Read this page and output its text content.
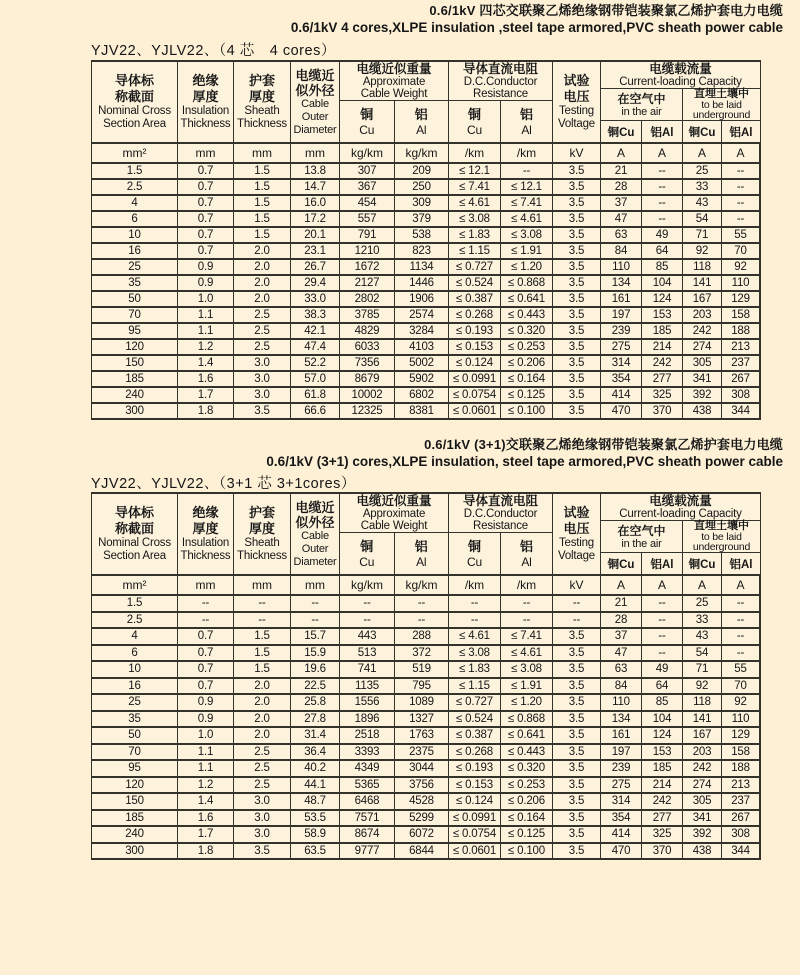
0.6/1kV 四芯交联聚乙烯绝缘钢带铠装聚氯乙烯护套电力电缆
0.6/1kV 4 cores,XLPE insulation ,steel tape armored,PVC sheath power cable
YJV22、YJLV22、（4 芯　4 cores）
导体标
称截面
Nominal Cross
Section Area
绝缘
厚度
Insulation
Thickness
护套
厚度
Sheath
Thickness
电缆近
似外径
Cable
Outer
Diameter
电缆近似重量
Approximate
Cable Weight
铜
Cu
铝
Al
导体直流电阻
D.C.Conductor
Resistance
铜
Cu
铝
Al
试验
电压
Testing
Voltage
电缆载流量
Current-loading Capacity
在空气中
in the air
直埋土壤中
to be laid
underground
铜Cu	铝Al	铜Cu	铝Al
mm²	mm	mm	mm	kg/km	kg/km	/km	/km	kV	A	A	A	A
1.5	0.7	1.5	13.8	307	209	≤ 12.1	--	3.5	21	--	25	--
2.5	0.7	1.5	14.7	367	250	≤ 7.41	≤ 12.1	3.5	28	--	33	--
4	0.7	1.5	16.0	454	309	≤ 4.61	≤ 7.41	3.5	37	--	43	--
6	0.7	1.5	17.2	557	379	≤ 3.08	≤ 4.61	3.5	47	--	54	--
10	0.7	1.5	20.1	791	538	≤ 1.83	≤ 3.08	3.5	63	49	71	55
16	0.7	2.0	23.1	1210	823	≤ 1.15	≤ 1.91	3.5	84	64	92	70
25	0.9	2.0	26.7	1672	1134	≤ 0.727	≤ 1.20	3.5	110	85	118	92
35	0.9	2.0	29.4	2127	1446	≤ 0.524	≤ 0.868	3.5	134	104	141	110
50	1.0	2.0	33.0	2802	1906	≤ 0.387	≤ 0.641	3.5	161	124	167	129
70	1.1	2.5	38.3	3785	2574	≤ 0.268	≤ 0.443	3.5	197	153	203	158
95	1.1	2.5	42.1	4829	3284	≤ 0.193	≤ 0.320	3.5	239	185	242	188
120	1.2	2.5	47.4	6033	4103	≤ 0.153	≤ 0.253	3.5	275	214	274	213
150	1.4	3.0	52.2	7356	5002	≤ 0.124	≤ 0.206	3.5	314	242	305	237
185	1.6	3.0	57.0	8679	5902	≤ 0.0991	≤ 0.164	3.5	354	277	341	267
240	1.7	3.0	61.8	10002	6802	≤ 0.0754	≤ 0.125	3.5	414	325	392	308
300	1.8	3.5	66.6	12325	8381	≤ 0.0601	≤ 0.100	3.5	470	370	438	344
0.6/1kV (3+1)交联聚乙烯绝缘钢带铠装聚氯乙烯护套电力电缆
0.6/1kV (3+1) cores,XLPE insulation, steel tape armored,PVC sheath power cable
YJV22、YJLV22、（3+1 芯 3+1cores）
导体标
称截面
Nominal Cross
Section Area
绝缘
厚度
Insulation
Thickness
护套
厚度
Sheath
Thickness
电缆近
似外径
Cable
Outer
Diameter
电缆近似重量
Approximate
Cable Weight
铜
Cu
铝
Al
导体直流电阻
D.C.Conductor
Resistance
铜
Cu
铝
Al
试验
电压
Testing
Voltage
电缆载流量
Current-loading Capacity
在空气中
in the air
直埋土壤中
to be laid
underground
铜Cu	铝Al	铜Cu	铝Al
mm²	mm	mm	mm	kg/km	kg/km	/km	/km	kV	A	A	A	A
1.5	--	--	--	--	--	--	--	--	21	--	25	--
2.5	--	--	--	--	--	--	--	--	28	--	33	--
4	0.7	1.5	15.7	443	288	≤ 4.61	≤ 7.41	3.5	37	--	43	--
6	0.7	1.5	15.9	513	372	≤ 3.08	≤ 4.61	3.5	47	--	54	--
10	0.7	1.5	19.6	741	519	≤ 1.83	≤ 3.08	3.5	63	49	71	55
16	0.7	2.0	22.5	1135	795	≤ 1.15	≤ 1.91	3.5	84	64	92	70
25	0.9	2.0	25.8	1556	1089	≤ 0.727	≤ 1.20	3.5	110	85	118	92
35	0.9	2.0	27.8	1896	1327	≤ 0.524	≤ 0.868	3.5	134	104	141	110
50	1.0	2.0	31.4	2518	1763	≤ 0.387	≤ 0.641	3.5	161	124	167	129
70	1.1	2.5	36.4	3393	2375	≤ 0.268	≤ 0.443	3.5	197	153	203	158
95	1.1	2.5	40.2	4349	3044	≤ 0.193	≤ 0.320	3.5	239	185	242	188
120	1.2	2.5	44.1	5365	3756	≤ 0.153	≤ 0.253	3.5	275	214	274	213
150	1.4	3.0	48.7	6468	4528	≤ 0.124	≤ 0.206	3.5	314	242	305	237
185	1.6	3.0	53.5	7571	5299	≤ 0.0991	≤ 0.164	3.5	354	277	341	267
240	1.7	3.0	58.9	8674	6072	≤ 0.0754	≤ 0.125	3.5	414	325	392	308
300	1.8	3.5	63.5	9777	6844	≤ 0.0601	≤ 0.100	3.5	470	370	438	344
